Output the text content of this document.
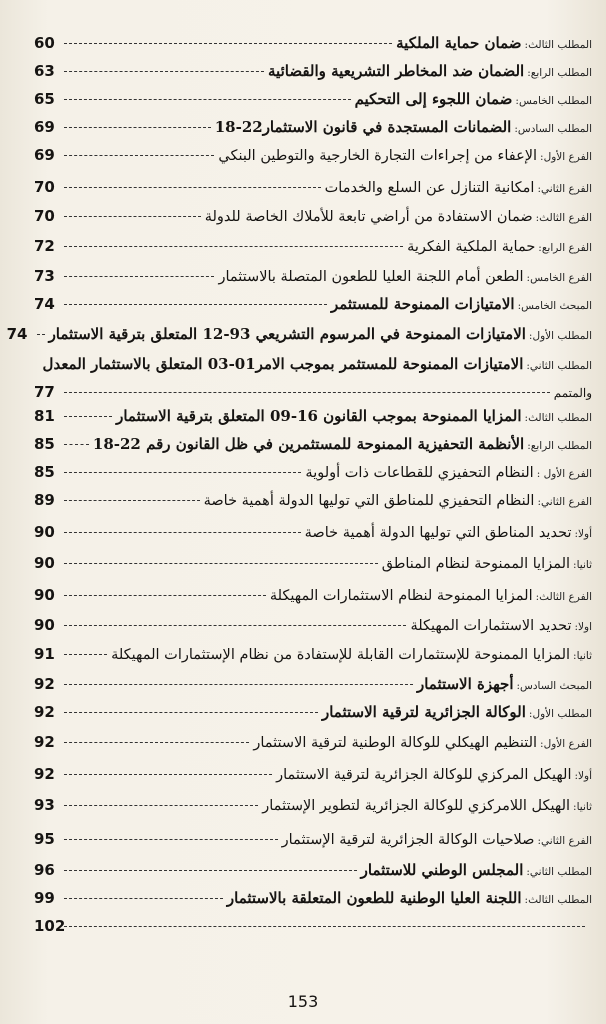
المطلب الثالث:
ضمان حماية الملكية
60
المطلب الرابع:
الضمان ضد المخاطر التشريعية والقضائية
63
المطلب الخامس:
ضمان اللجوء إلى التحكيم
65
المطلب السادس:
الضمانات المستجدة في قانون الاستثمار22-18
69
الفرع الأول:
الإعفاء من إجراءات التجارة الخارجية والتوطين البنكي
69
الفرع الثاني:
امكانية التنازل عن السلع والخدمات
70
الفرع الثالث:
ضمان الاستفادة من أراضي تابعة للأملاك الخاصة للدولة
70
الفرع الرابع:
حماية الملكية الفكرية
72
الفرع الخامس:
الطعن أمام اللجنة العليا للطعون المتصلة بالاستثمار
73
المبحث الخامس:
الامتيازات الممنوحة للمستثمر
74
المطلب الأول:
الامتيازات الممنوحة في المرسوم التشريعي 93-12 المتعلق بترقية الاستثمار
74
المطلب الثاني:
الامتيازات الممنوحة للمستثمر بموجب الامر01-03 المتعلق بالاستثمار المعدل
والمتمم
77
المطلب الثالث:
المزايا الممنوحة بموجب القانون 16-09 المتعلق بترقية الاستثمار
81
المطلب الرابع:
الأنظمة التحفيزية الممنوحة للمستثمرين في ظل القانون رقم 22-18
85
الفرع الأول :
النظام التحفيزي للقطاعات ذات أولوية
85
الفرع الثاني:
النظام التحفيزي للمناطق التي توليها الدولة أهمية خاصة
89
أولا:
تحديد المناطق التي توليها الدولة أهمية خاصة
90
ثانيا:
المزايا الممنوحة لنظام المناطق
90
الفرع الثالث:
المزايا الممنوحة لنظام الاستثمارات المهيكلة
90
اولا:
تحديد الاستثمارات المهيكلة
90
ثانيا:
المزايا الممنوحة للإستثمارات القابلة للإستفادة من نظام الإستثمارات المهيكلة
91
المبحث السادس:
أجهزة الاستثمار
92
المطلب الأول:
الوكالة الجزائرية لترقية الاستثمار
92
الفرع الأول:
التنظيم الهيكلي للوكالة الوطنية لترقية الاستثمار
92
أولا:
الهيكل المركزي للوكالة الجزائرية لترقية الاستثمار
92
ثانيا:
الهيكل اللامركزي للوكالة الجزائرية لتطوير الإستثمار
93
الفرع الثاني:
صلاحيات الوكالة الجزائرية لترقية الإستثمار
95
المطلب الثاني:
المجلس الوطني للاستثمار
96
المطلب الثالث:
اللجنة العليا الوطنية للطعون المتعلقة بالاستثمار
99
102
153
